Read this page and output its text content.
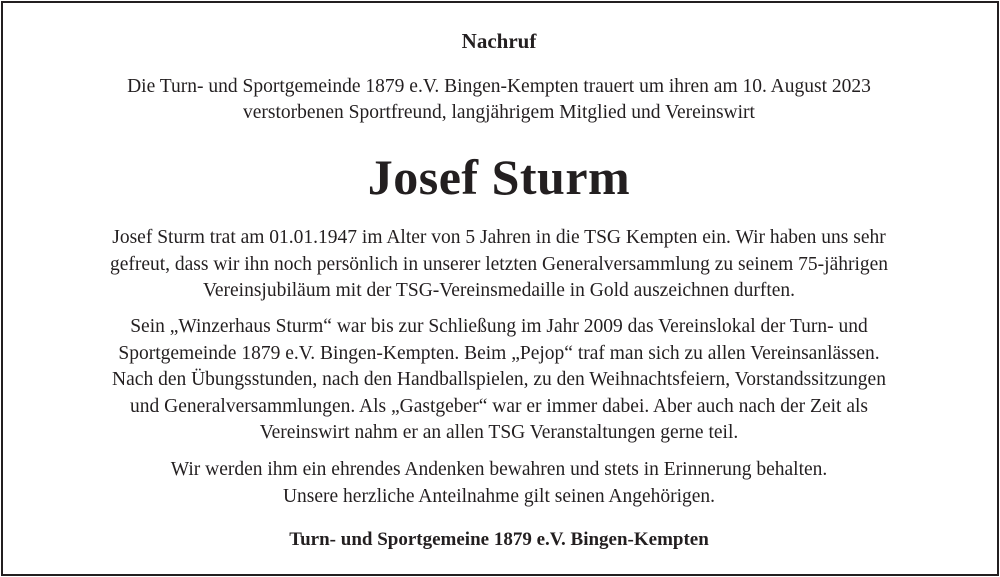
Nachruf
Die Turn- und Sportgemeinde 1879 e.V. Bingen-Kempten trauert um ihren am 10. August 2023
verstorbenen Sportfreund, langjährigem Mitglied und Vereinswirt
Josef Sturm
Josef Sturm trat am 01.01.1947 im Alter von 5 Jahren in die TSG Kempten ein. Wir haben uns sehr
gefreut, dass wir ihn noch persönlich in unserer letzten Generalversammlung zu seinem 75-jährigen
Vereinsjubiläum mit der TSG-Vereinsmedaille in Gold auszeichnen durften.
Sein „Winzerhaus Sturm“ war bis zur Schließung im Jahr 2009 das Vereinslokal der Turn- und
Sportgemeinde 1879 e.V. Bingen-Kempten. Beim „Pejop“ traf man sich zu allen Vereinsanlässen.
Nach den Übungsstunden, nach den Handballspielen, zu den Weihnachtsfeiern, Vorstandssitzungen
und Generalversammlungen. Als „Gastgeber“ war er immer dabei. Aber auch nach der Zeit als
Vereinswirt nahm er an allen TSG Veranstaltungen gerne teil.
Wir werden ihm ein ehrendes Andenken bewahren und stets in Erinnerung behalten.
Unsere herzliche Anteilnahme gilt seinen Angehörigen.
Turn- und Sportgemeine 1879 e.V. Bingen-Kempten
